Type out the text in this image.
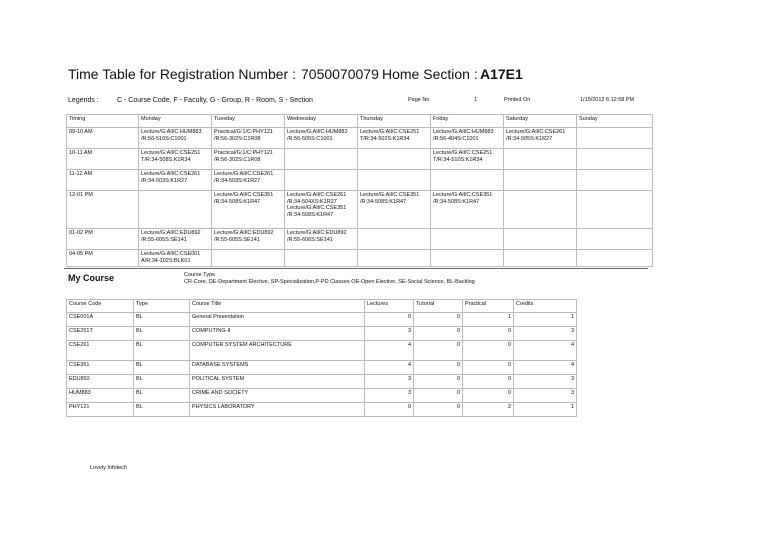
Time Table for Registration Number : 7050070079 Home Section : A17E1
Legends :	C - Course Code, F - Faculty, G - Group, R - Room, S - Section	Page No	1	Printed On	1/15/2012 6:12:58 PM
Timing	Monday	Tuesday	Wednesday	Thursday	Friday	Saturday	Sunday
09-10 AM	Lecture/G:All/C:HUM883 /R:56-510S:C1001	Practical/G:1/C:PHY121 /R:56-302S:C1R08	Lecture/G:All/C:HUM883 /R:56-505S:C1001	Lecture/G:All/C:CSE251 T/R:34-502S:K1R34	Lecture/G:All/C:HUM883 /R:56-404S:C1001	Lecture/G:All/C:CSE261 /R:34-505S:K1R27	
10-11 AM	Lecture/G:All/C:CSE251 T/R:34-508S:K1R34	Practical/G:1/C:PHY121 /R:56-302S:C1R08			Lecture/G:All/C:CSE251 T/R:34-510S:K1R34		
11-12 AM	Lecture/G:All/C:CSE261 /R:34-503S:K1R27	Lecture/G:All/C:CSE261 /R:34-503S:K1R27					
12-01 PM		Lecture/G:All/C:CSE351 /R:34-508S:K1R47	Lecture/G:All/C:CSE261 /R:34-504XS:K1R27 Lecture/G:All/C:CSE351 /R:34-508S:K1R47	Lecture/G:All/C:CSE351 /R:34-508S:K1R47	Lecture/G:All/C:CSE351 /R:34-508S:K1R47		
01-02 PM	Lecture/G:All/C:EDU892 /R:55-605S:SE141	Lecture/G:All/C:EDU892 /R:55-605S:SE141	Lecture/G:All/C:EDU892 /R:55-606S:SE141				
04-05 PM	Lecture/G:All/C:CSE001 A/R:34-102S:BLK01						
My Course	Course Type
CR-Core, DE-Department Elective, SP-Specialization,P-PD Classes OE-Open Elective, SE-Social Science, BL-Backlog
Course Code	Type	Course Title	Lectures	Tutorial	Practical	Credits
CSE001A	BL	General Presentation	0	0	1	1
CSE251T	BL	COMPUTING-II	3	0	0	3
CSE261	BL	COMPUTER SYSTEM ARCHITECTURE	4	0	0	4
CSE351	BL	DATABASE SYSTEMS	4	0	0	4
EDU892	BL	POLITICAL SYSTEM	3	0	0	3
HUM883	BL	CRIME AND SOCIETY	3	0	0	3
PHY121	BL	PHYSICS LABORATORY	0	0	2	1
Lovely Infotech
